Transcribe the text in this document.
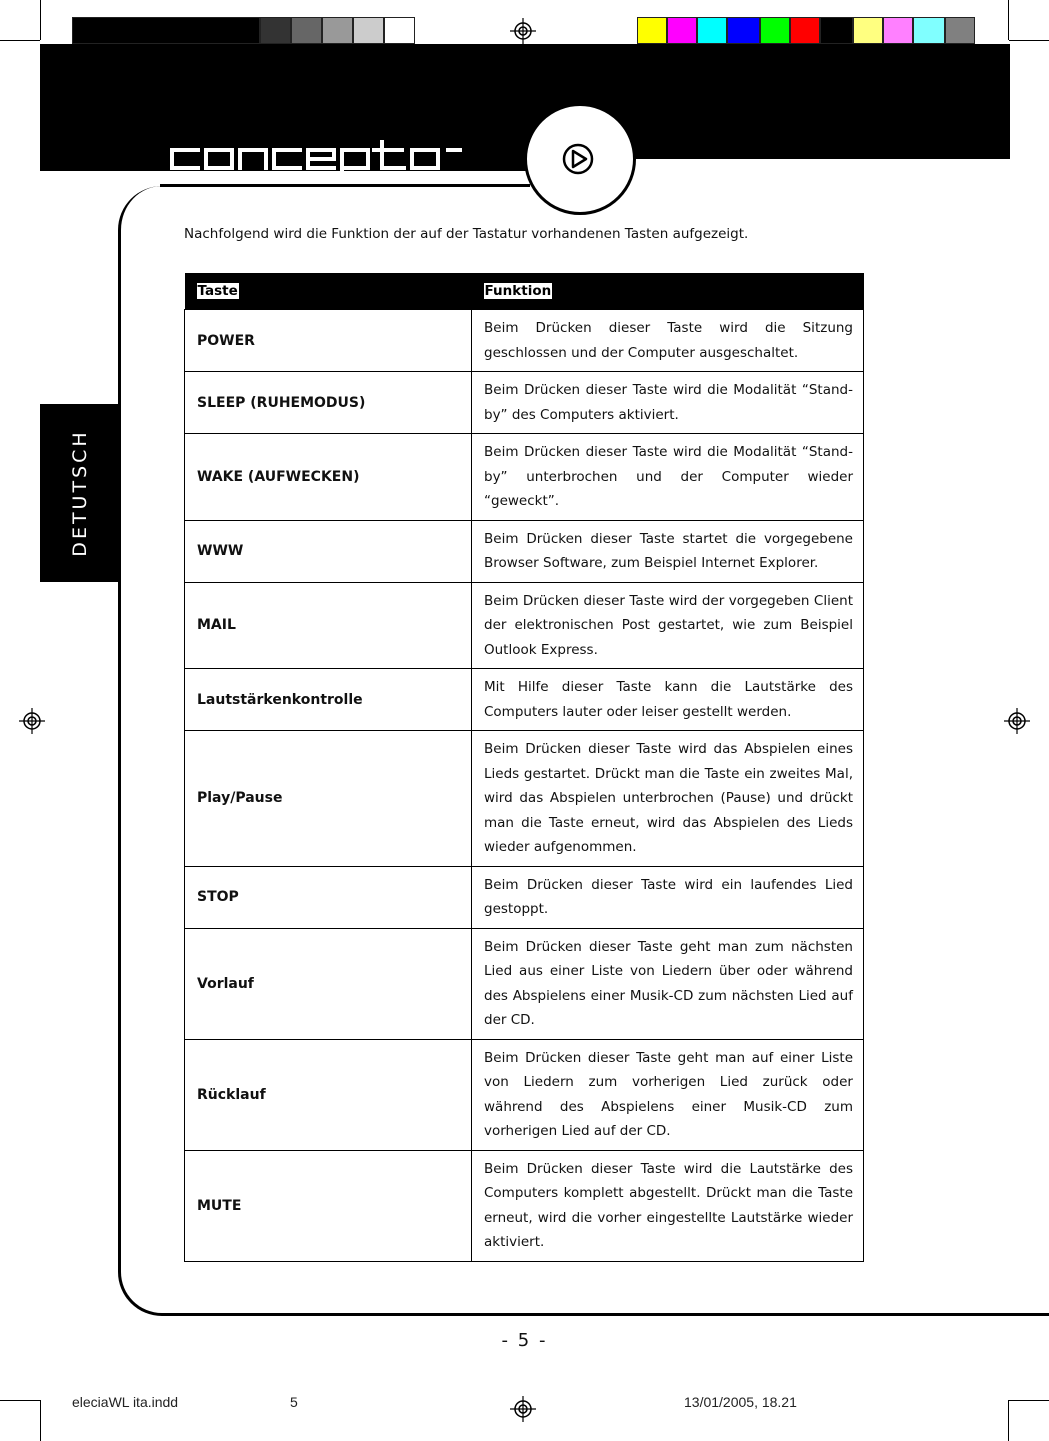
DETUTSCH
Nachfolgend wird die Funktion der auf der Tastatur vorhandenen Tasten aufgezeigt.
Taste	Funktion
POWER	Beim Drücken dieser Taste wird die Sitzung geschlossen und der Computer ausgeschaltet.
SLEEP (RUHEMODUS)	Beim Drücken dieser Taste wird die Modalität “Stand-by” des Computers aktiviert.
WAKE (AUFWECKEN)	Beim Drücken dieser Taste wird die Modalität “Stand-by” unterbrochen und der Computer wieder “geweckt”.
WWW	Beim Drücken dieser Taste startet die vorgegebene Browser Software, zum Beispiel Internet Explorer.
MAIL	Beim Drücken dieser Taste wird der vorgegeben Client der elektronischen Post gestartet, wie zum Beispiel Outlook Express.
Lautstärkenkontrolle	Mit Hilfe dieser Taste kann die Lautstärke des Computers lauter oder leiser gestellt werden.
Play/Pause	Beim Drücken dieser Taste wird das Abspielen eines Lieds gestartet. Drückt man die Taste ein zweites Mal, wird das Abspielen unterbrochen (Pause) und drückt man die Taste erneut, wird das Abspielen des Lieds wieder aufgenommen.
STOP	Beim Drücken dieser Taste wird ein laufendes Lied gestoppt.
Vorlauf	Beim Drücken dieser Taste geht man zum nächsten Lied aus einer Liste von Liedern über oder während des Abspielens einer Musik-CD zum nächsten Lied auf der CD.
Rücklauf	Beim Drücken dieser Taste geht man auf einer Liste von Liedern zum vorherigen Lied zurück oder während des Abspielens einer Musik-CD zum vorherigen Lied auf der CD.
MUTE	Beim Drücken dieser Taste wird die Lautstärke des Computers komplett abgestellt. Drückt man die Taste erneut, wird die vorher eingestellte Lautstärke wieder aktiviert.
- 5 -
eleciaWL ita.indd	5	13/01/2005, 18.21
